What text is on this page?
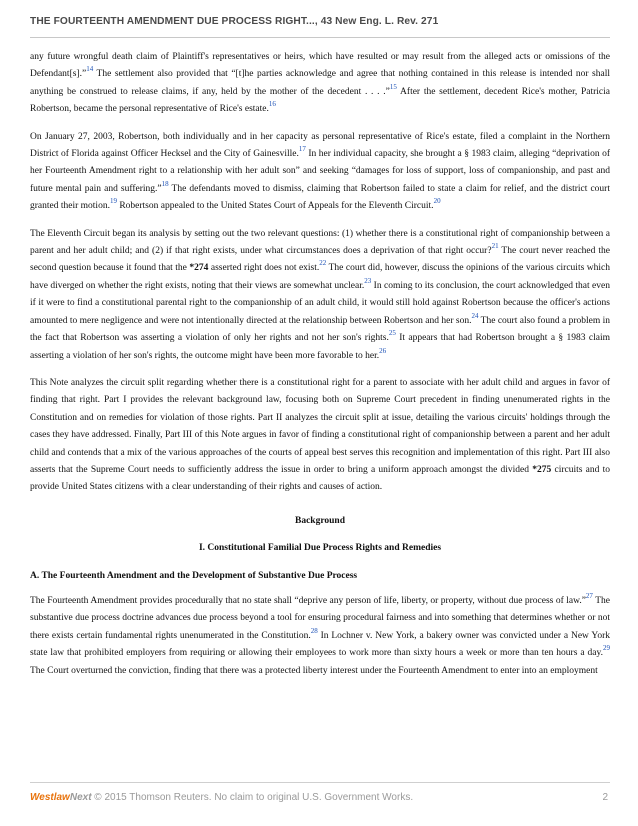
THE FOURTEENTH AMENDMENT DUE PROCESS RIGHT..., 43 New Eng. L. Rev. 271

any future wrongful death claim of Plaintiff's representatives or heirs, which have resulted or may result from the alleged acts or omissions of the Defendant[s].”$^{14}$ The settlement also provided that “[t]he parties acknowledge and agree that nothing contained in this release is intended nor shall anything be construed to release claims, if any, held by the mother of the decedent . . . .”$^{15}$ After the settlement, decedent Rice's mother, Patricia Robertson, became the personal representative of Rice's estate.$^{16}$

On January 27, 2003, Robertson, both individually and in her capacity as personal representative of Rice's estate, filed a complaint in the Northern District of Florida against Officer Hecksel and the City of Gainesville.$^{17}$ In her individual capacity, she brought a § 1983 claim, alleging “deprivation of her Fourteenth Amendment right to a relationship with her adult son” and seeking “damages for loss of support, loss of companionship, and past and future mental pain and suffering.”$^{18}$ The defendants moved to dismiss, claiming that Robertson failed to state a claim for relief, and the district court granted their motion.$^{19}$ Robertson appealed to the United States Court of Appeals for the Eleventh Circuit.$^{20}$

The Eleventh Circuit began its analysis by setting out the two relevant questions: (1) whether there is a constitutional right of companionship between a parent and her adult child; and (2) if that right exists, under what circumstances does a deprivation of that right occur?$^{21}$ The court never reached the second question because it found that the *274 asserted right does not exist.$^{22}$ The court did, however, discuss the opinions of the various circuits which have diverged on whether the right exists, noting that their views are somewhat unclear.$^{23}$ In coming to its conclusion, the court acknowledged that even if it were to find a constitutional parental right to the companionship of an adult child, it would still hold against Robertson because the officer's actions amounted to mere negligence and were not intentionally directed at the relationship between Robertson and her son.$^{24}$ The court also found a problem in the fact that Robertson was asserting a violation of only her rights and not her son's rights.$^{25}$ It appears that had Robertson brought a § 1983 claim asserting a violation of her son's rights, the outcome might have been more favorable to her.$^{26}$

This Note analyzes the circuit split regarding whether there is a constitutional right for a parent to associate with her adult child and argues in favor of finding that right. Part I provides the relevant background law, focusing both on Supreme Court precedent in finding unenumerated rights in the Constitution and on remedies for violation of those rights. Part II analyzes the circuit split at issue, detailing the various circuits' holdings through the cases they have addressed. Finally, Part III of this Note argues in favor of finding a constitutional right of companionship between a parent and her adult child and contends that a mix of the various approaches of the courts of appeal best serves this recognition and implementation of this right. Part III also asserts that the Supreme Court needs to sufficiently address the issue in order to bring a uniform approach amongst the divided *275 circuits and to provide United States citizens with a clear understanding of their rights and causes of action.

Background
I. Constitutional Familial Due Process Rights and Remedies
A. The Fourteenth Amendment and the Development of Substantive Due Process

The Fourteenth Amendment provides procedurally that no state shall “deprive any person of life, liberty, or property, without due process of law.”$^{27}$ The substantive due process doctrine advances due process beyond a tool for ensuring procedural fairness and into something that determines whether or not there exists certain fundamental rights unenumerated in the Constitution.$^{28}$ In Lochner v. New York, a bakery owner was convicted under a New York state law that prohibited employers from requiring or allowing their employees to work more than sixty hours a week or more than ten hours a day.$^{29}$ The Court overturned the conviction, finding that there was a protected liberty interest under the Fourteenth Amendment to enter into an employment

WestlawNext © 2015 Thomson Reuters. No claim to original U.S. Government Works.	2
